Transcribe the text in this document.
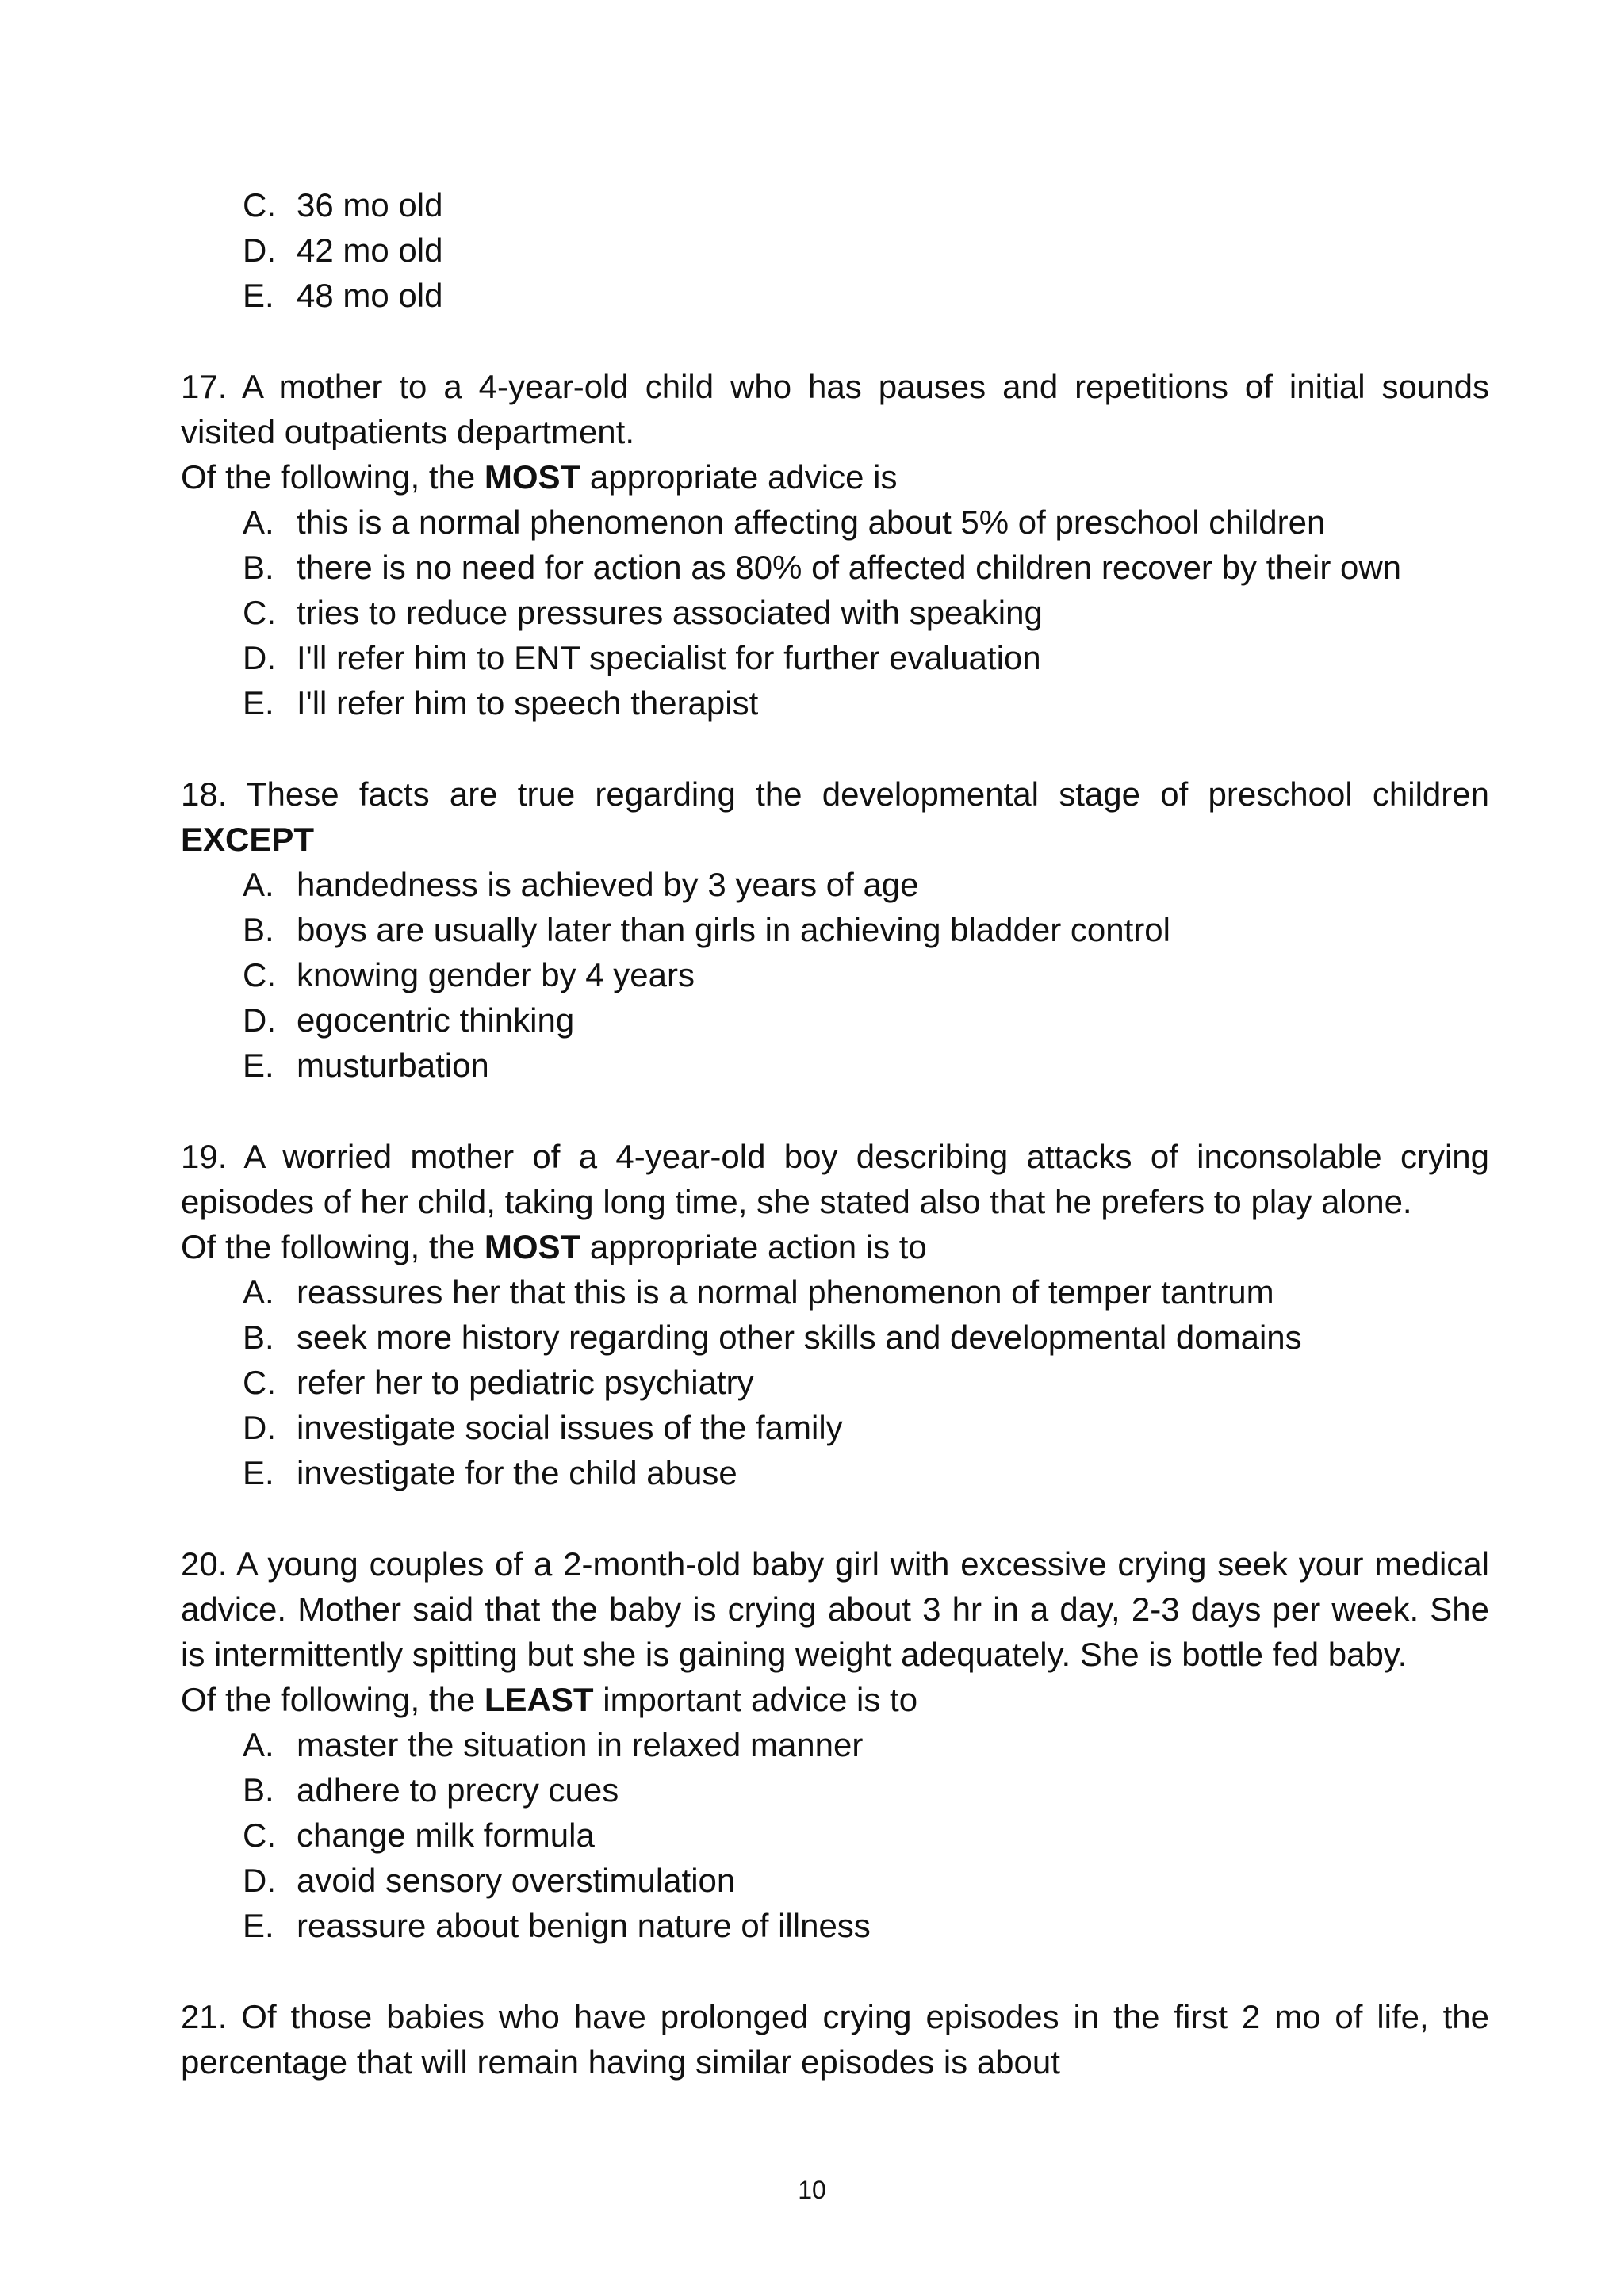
C. 36 mo old
D. 42 mo old
E. 48 mo old
17. A mother to a 4-year-old child who has pauses and repetitions of initial sounds
visited outpatients department.
Of the following, the MOST appropriate advice is
A. this is a normal phenomenon affecting about 5% of preschool children
B. there is no need for action as 80% of affected children recover by their own
C. tries to reduce pressures associated with speaking
D. I'll refer him to ENT specialist for further evaluation
E. I'll refer him to speech therapist
18. These facts are true regarding the developmental stage of preschool children
EXCEPT
A. handedness is achieved by 3 years of age
B. boys are usually later than girls in achieving bladder control
C. knowing gender by 4 years
D. egocentric thinking
E. musturbation
19. A worried mother of a 4-year-old boy describing attacks of inconsolable crying
episodes of her child, taking long time, she stated also that he prefers to play alone.
Of the following, the MOST appropriate action is to
A. reassures her that this is a normal phenomenon of temper tantrum
B. seek more history regarding other skills and developmental domains
C. refer her to pediatric psychiatry
D. investigate social issues of the family
E. investigate for the child abuse
20. A young couples of a 2-month-old baby girl with excessive crying seek your medical
advice. Mother said that the baby is crying about 3 hr in a day, 2-3 days per week. She
is intermittently spitting but she is gaining weight adequately. She is bottle fed baby.
Of the following, the LEAST important advice is to
A. master the situation in relaxed manner
B. adhere to precry cues
C. change milk formula
D. avoid sensory overstimulation
E. reassure about benign nature of illness
21. Of those babies who have prolonged crying episodes in the first 2 mo of life, the
percentage that will remain having similar episodes is about
10
